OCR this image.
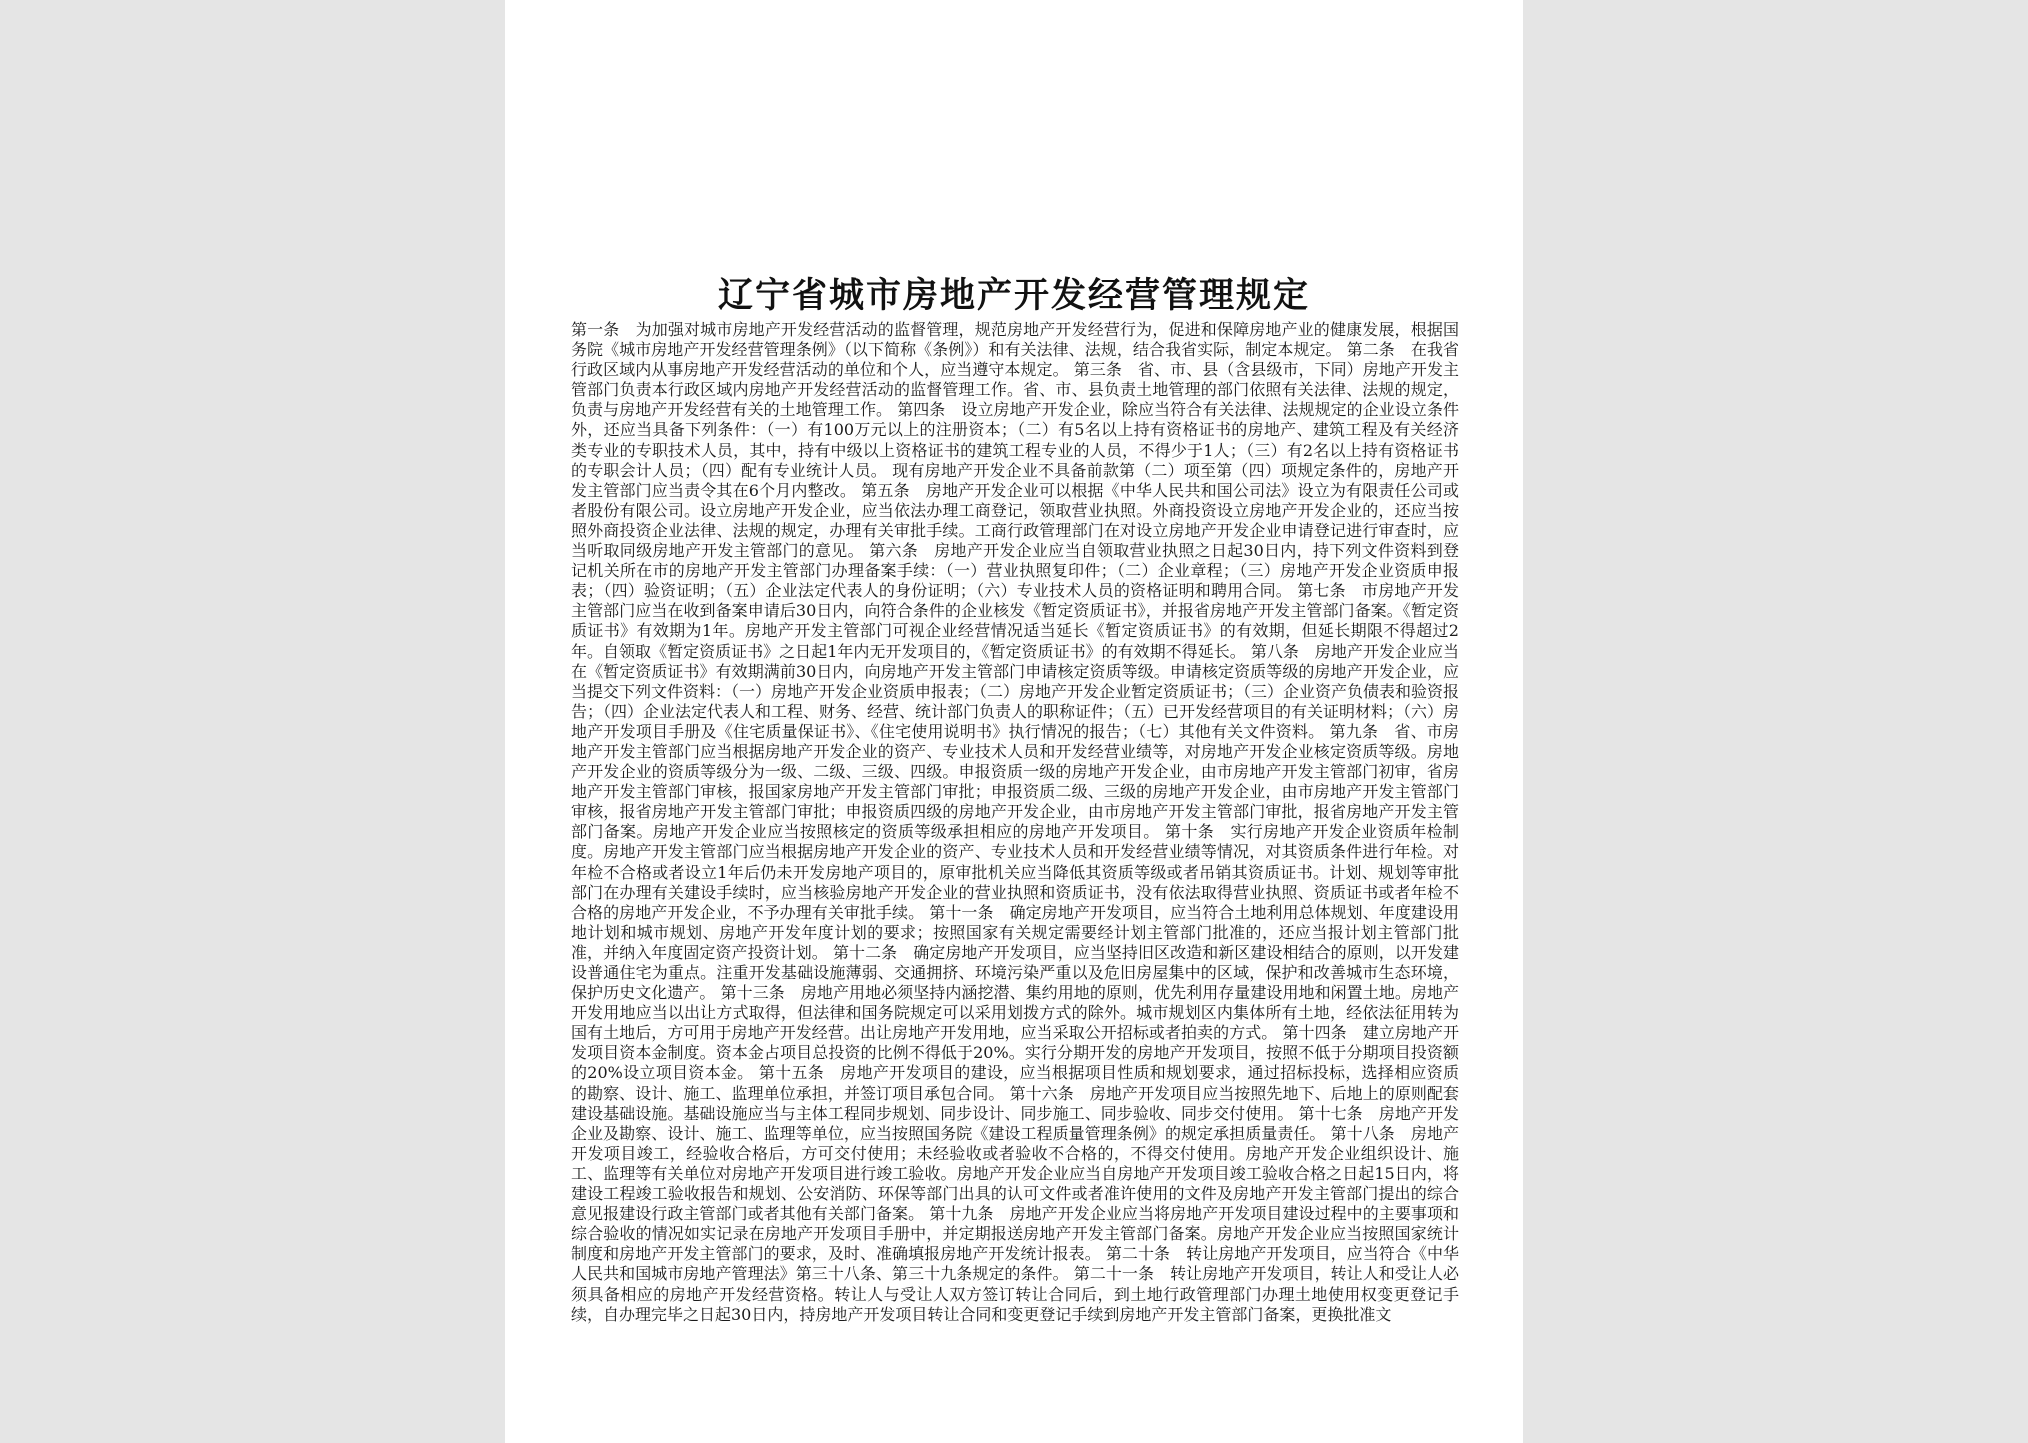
辽宁省城市房地产开发经营管理规定

第一条　为加强对城市房地产开发经营活动的监督管理，规范房地产开发经营行为，促进和保障房地产业的健康发展，根据国务院《城市房地产开发经营管理条例》（以下简称《条例》）和有关法律、法规，结合我省实际，制定本规定。 第二条　在我省行政区域内从事房地产开发经营活动的单位和个人，应当遵守本规定。 第三条　省、市、县（含县级市，下同）房地产开发主管部门负责本行政区域内房地产开发经营活动的监督管理工作。省、市、县负责土地管理的部门依照有关法律、法规的规定，负责与房地产开发经营有关的土地管理工作。 第四条　设立房地产开发企业，除应当符合有关法律、法规规定的企业设立条件外，还应当具备下列条件：（一）有100万元以上的注册资本；（二）有5名以上持有资格证书的房地产、建筑工程及有关经济类专业的专职技术人员，其中，持有中级以上资格证书的建筑工程专业的人员，不得少于1人；（三）有2名以上持有资格证书的专职会计人员；（四）配有专业统计人员。 现有房地产开发企业不具备前款第（二）项至第（四）项规定条件的，房地产开发主管部门应当责令其在6个月内整改。 第五条　房地产开发企业可以根据《中华人民共和国公司法》设立为有限责任公司或者股份有限公司。设立房地产开发企业，应当依法办理工商登记，领取营业执照。外商投资设立房地产开发企业的，还应当按照外商投资企业法律、法规的规定，办理有关审批手续。工商行政管理部门在对设立房地产开发企业申请登记进行审查时，应当听取同级房地产开发主管部门的意见。 第六条　房地产开发企业应当自领取营业执照之日起30日内，持下列文件资料到登记机关所在市的房地产开发主管部门办理备案手续：（一）营业执照复印件；（二）企业章程；（三）房地产开发企业资质申报表；（四）验资证明；（五）企业法定代表人的身份证明；（六）专业技术人员的资格证明和聘用合同。 第七条　市房地产开发主管部门应当在收到备案申请后30日内，向符合条件的企业核发《暂定资质证书》，并报省房地产开发主管部门备案。《暂定资质证书》有效期为1年。房地产开发主管部门可视企业经营情况适当延长《暂定资质证书》的有效期，但延长期限不得超过2年。自领取《暂定资质证书》之日起1年内无开发项目的，《暂定资质证书》的有效期不得延长。 第八条　房地产开发企业应当在《暂定资质证书》有效期满前30日内，向房地产开发主管部门申请核定资质等级。申请核定资质等级的房地产开发企业，应当提交下列文件资料：（一）房地产开发企业资质申报表；（二）房地产开发企业暂定资质证书；（三）企业资产负债表和验资报告；（四）企业法定代表人和工程、财务、经营、统计部门负责人的职称证件；（五）已开发经营项目的有关证明材料；（六）房地产开发项目手册及《住宅质量保证书》、《住宅使用说明书》执行情况的报告；（七）其他有关文件资料。 第九条　省、市房地产开发主管部门应当根据房地产开发企业的资产、专业技术人员和开发经营业绩等，对房地产开发企业核定资质等级。房地产开发企业的资质等级分为一级、二级、三级、四级。申报资质一级的房地产开发企业，由市房地产开发主管部门初审，省房地产开发主管部门审核，报国家房地产开发主管部门审批；申报资质二级、三级的房地产开发企业，由市房地产开发主管部门审核，报省房地产开发主管部门审批；申报资质四级的房地产开发企业，由市房地产开发主管部门审批，报省房地产开发主管部门备案。房地产开发企业应当按照核定的资质等级承担相应的房地产开发项目。 第十条　实行房地产开发企业资质年检制度。房地产开发主管部门应当根据房地产开发企业的资产、专业技术人员和开发经营业绩等情况，对其资质条件进行年检。对年检不合格或者设立1年后仍未开发房地产项目的，原审批机关应当降低其资质等级或者吊销其资质证书。计划、规划等审批部门在办理有关建设手续时，应当核验房地产开发企业的营业执照和资质证书，没有依法取得营业执照、资质证书或者年检不合格的房地产开发企业，不予办理有关审批手续。 第十一条　确定房地产开发项目，应当符合土地利用总体规划、年度建设用地计划和城市规划、房地产开发年度计划的要求；按照国家有关规定需要经计划主管部门批准的，还应当报计划主管部门批准，并纳入年度固定资产投资计划。 第十二条　确定房地产开发项目，应当坚持旧区改造和新区建设相结合的原则，以开发建设普通住宅为重点。注重开发基础设施薄弱、交通拥挤、环境污染严重以及危旧房屋集中的区域，保护和改善城市生态环境，保护历史文化遗产。 第十三条　房地产用地必须坚持内涵挖潜、集约用地的原则，优先利用存量建设用地和闲置土地。房地产开发用地应当以出让方式取得，但法律和国务院规定可以采用划拨方式的除外。城市规划区内集体所有土地，经依法征用转为国有土地后，方可用于房地产开发经营。出让房地产开发用地，应当采取公开招标或者拍卖的方式。 第十四条　建立房地产开发项目资本金制度。资本金占项目总投资的比例不得低于20%。实行分期开发的房地产开发项目，按照不低于分期项目投资额的20%设立项目资本金。 第十五条　房地产开发项目的建设，应当根据项目性质和规划要求，通过招标投标，选择相应资质的勘察、设计、施工、监理单位承担，并签订项目承包合同。 第十六条　房地产开发项目应当按照先地下、后地上的原则配套建设基础设施。基础设施应当与主体工程同步规划、同步设计、同步施工、同步验收、同步交付使用。 第十七条　房地产开发企业及勘察、设计、施工、监理等单位，应当按照国务院《建设工程质量管理条例》的规定承担质量责任。 第十八条　房地产开发项目竣工，经验收合格后，方可交付使用；未经验收或者验收不合格的，不得交付使用。房地产开发企业组织设计、施工、监理等有关单位对房地产开发项目进行竣工验收。房地产开发企业应当自房地产开发项目竣工验收合格之日起15日内，将建设工程竣工验收报告和规划、公安消防、环保等部门出具的认可文件或者准许使用的文件及房地产开发主管部门提出的综合意见报建设行政主管部门或者其他有关部门备案。 第十九条　房地产开发企业应当将房地产开发项目建设过程中的主要事项和综合验收的情况如实记录在房地产开发项目手册中，并定期报送房地产开发主管部门备案。房地产开发企业应当按照国家统计制度和房地产开发主管部门的要求，及时、准确填报房地产开发统计报表。 第二十条　转让房地产开发项目，应当符合《中华人民共和国城市房地产管理法》第三十八条、第三十九条规定的条件。 第二十一条　转让房地产开发项目，转让人和受让人必须具备相应的房地产开发经营资格。转让人与受让人双方签订转让合同后，到土地行政管理部门办理土地使用权变更登记手续，自办理完毕之日起30日内，持房地产开发项目转让合同和变更登记手续到房地产开发主管部门备案，更换批准文
